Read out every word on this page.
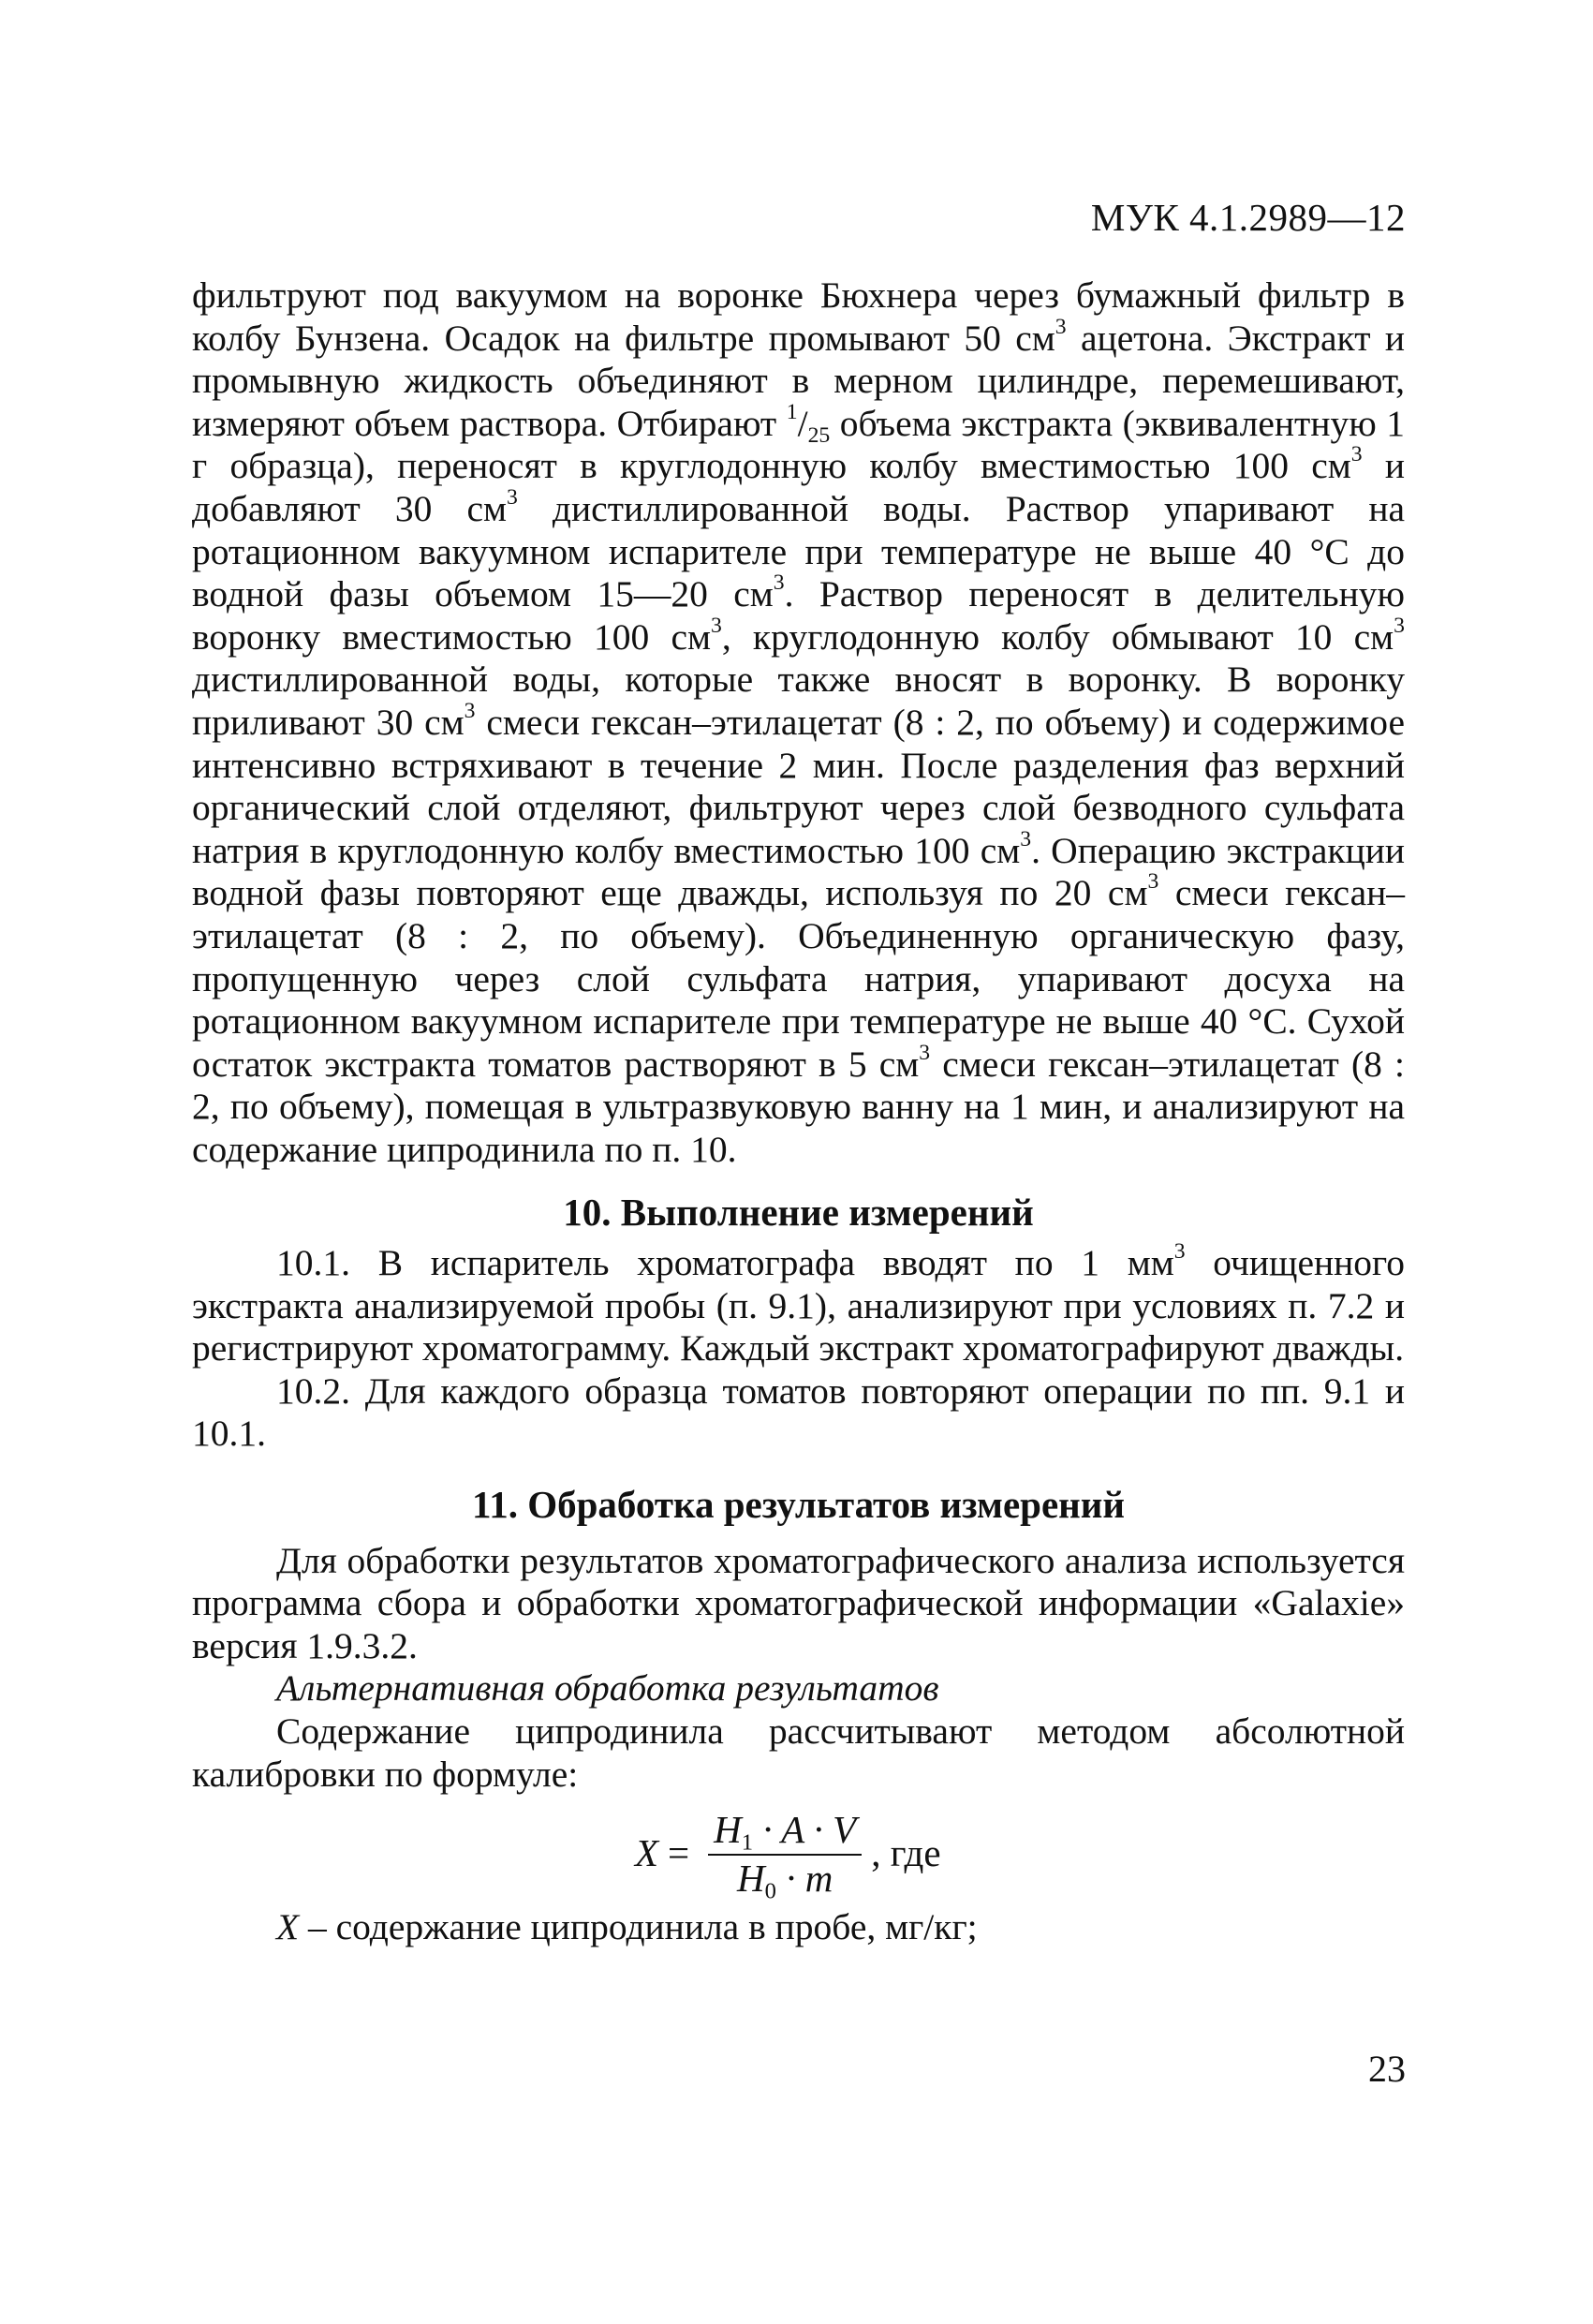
МУК 4.1.2989—12

фильтруют под вакуумом на воронке Бюхнера через бумажный фильтр в колбу Бунзена. Осадок на фильтре промывают 50 $см^3$ ацетона. Экстракт и промывную жидкость объединяют в мерном цилиндре, перемешивают, измеряют объем раствора. Отбирают $^1/_{25}$ объема экстракта (эквивалентную 1 г образца), переносят в круглодонную колбу вместимостью 100 $см^3$ и добавляют 30 $см^3$ дистиллированной воды. Раствор упаривают на ротационном вакуумном испарителе при температуре не выше 40 °С до водной фазы объемом 15—20 $см^3$. Раствор переносят в делительную воронку вместимостью 100 $см^3$, круглодонную колбу обмывают 10 $см^3$ дистиллированной воды, которые также вносят в воронку. В воронку приливают 30 $см^3$ смеси гексан–этилацетат (8 : 2, по объему) и содержимое интенсивно встряхивают в течение 2 мин. После разделения фаз верхний органический слой отделяют, фильтруют через слой безводного сульфата натрия в круглодонную колбу вместимостью 100 $см^3$. Операцию экстракции водной фазы повторяют еще дважды, используя по 20 $см^3$ смеси гексан–этилацетат (8 : 2, по объему). Объединенную органическую фазу, пропущенную через слой сульфата натрия, упаривают досуха на ротационном вакуумном испарителе при температуре не выше 40 °С. Сухой остаток экстракта томатов растворяют в 5 $см^3$ смеси гексан–этилацетат (8 : 2, по объему), помещая в ультразвуковую ванну на 1 мин, и анализируют на содержание ципродинила по п. 10.

10. Выполнение измерений

10.1. В испаритель хроматографа вводят по 1 $мм^3$ очищенного экстракта анализируемой пробы (п. 9.1), анализируют при условиях п. 7.2 и регистрируют хроматограмму. Каждый экстракт хроматографируют дважды.

10.2. Для каждого образца томатов повторяют операции по пп. 9.1 и 10.1.

11. Обработка результатов измерений

Для обработки результатов хроматографического анализа используется программа сбора и обработки хроматографической информации «Galaxie» версия 1.9.3.2.

Альтернативная обработка результатов

Содержание ципродинила рассчитывают методом абсолютной калибровки по формуле:

$X = \frac{H_1 \cdot A \cdot V}{H_0 \cdot m}$ , где

X – содержание ципродинила в пробе, мг/кг;

23
